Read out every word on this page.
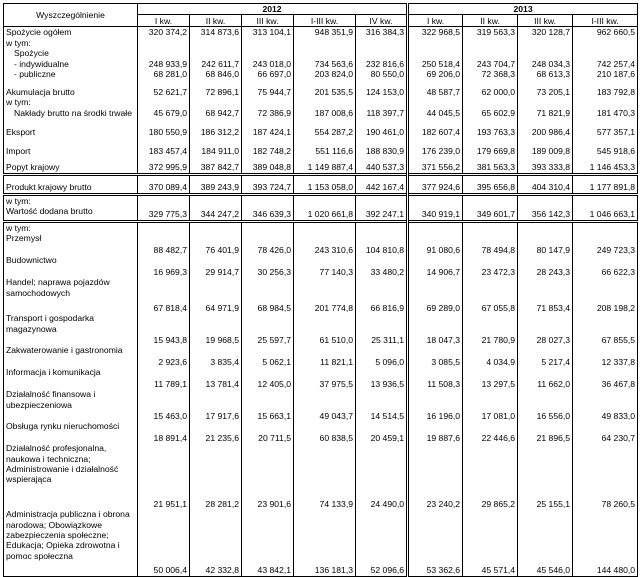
Wyszczególnienie	2012					2013			
	I kw.	II kw.	III kw.	I-III kw.	IV kw.	I kw.	II kw.	III kw.	I-III kw.
Spożycie ogółem	320 374,2	314 873,6	313 104,1	948 351,9	316 384,3	322 968,5	319 563,3	320 128,7	962 660,5
w tym:									
Spożycie									
- indywidualne	248 933,9	242 611,7	243 018,0	734 563,6	232 816,6	250 518,4	243 704,7	248 034,3	742 257,4
- publiczne	68 281,0	68 846,0	66 697,0	203 824,0	80 550,0	69 206,0	72 368,3	68 613,3	210 187,6
Akumulacja brutto	52 621,7	72 896,1	75 944,7	201 535,5	124 153,0	48 587,7	62 000,0	73 205,1	183 792,8
w tym:									
Nakłady brutto na środki trwałe	45 679,0	68 942,7	72 386,9	187 008,6	118 397,7	44 045,5	65 602,9	71 821,9	181 470,3
Eksport	180 550,9	186 312,2	187 424,1	554 287,2	190 461,0	182 607,4	193 763,3	200 986,4	577 357,1
Import	183 457,4	184 911,0	182 748,2	551 116,6	188 830,9	176 239,0	179 669,8	189 009,8	545 918,6
Popyt krajowy	372 995,9	387 842,7	389 048,8	1 149 887,4	440 537,3	371 556,2	381 563,3	393 333,8	1 146 453,3
Produkt krajowy brutto	370 089,4	389 243,9	393 724,7	1 153 058,0	442 167,4	377 924,6	395 656,8	404 310,4	1 177 891,8
w tym:
Wartość dodana brutto	329 775,3	344 247,2	346 639,3	1 020 661,8	392 247,1	340 919,1	349 601,7	356 142,3	1 046 663,1
w tym:									
Przemysł	88 482,7	76 401,9	78 426,0	243 310,6	104 810,8	91 080,6	78 494,8	80 147,9	249 723,3
Budownictwo	16 969,3	29 914,7	30 256,3	77 140,3	33 480,2	14 906,7	23 472,3	28 243,3	66 622,3
Handel; naprawa pojazdów samochodowych	67 818,4	64 971,9	68 984,5	201 774,8	66 816,9	69 289,0	67 055,8	71 853,4	208 198,2
Transport i gospodarka magazynowa	15 943,8	19 968,5	25 597,7	61 510,0	25 311,1	18 047,3	21 780,9	28 027,3	67 855,5
Zakwaterowanie i gastronomia	2 923,6	3 835,4	5 062,1	11 821,1	5 096,0	3 085,5	4 034,9	5 217,4	12 337,8
Informacja i komunikacja	11 789,1	13 781,4	12 405,0	37 975,5	13 936,5	11 508,3	13 297,5	11 662,0	36 467,8
Działalność finansowa i ubezpieczeniowa	15 463,0	17 917,6	15 663,1	49 043,7	14 514,5	16 196,0	17 081,0	16 556,0	49 833,0
Obsługa rynku nieruchomości	18 891,4	21 235,6	20 711,5	60 838,5	20 459,1	19 887,6	22 446,6	21 896,5	64 230,7
Działalność profesjonalna, naukowa i techniczna; Administrowanie i działalność wspierająca	21 951,1	28 281,2	23 901,6	74 133,9	24 490,0	23 240,2	29 865,2	25 155,1	78 260,5
Administracja publiczna i obrona narodowa; Obowiązkowe zabezpieczenia społeczne; Edukacja; Opieka zdrowotna i pomoc społeczna	50 006,4	42 332,8	43 842,1	136 181,3	52 096,6	53 362,6	45 571,4	45 546,0	144 480,0
